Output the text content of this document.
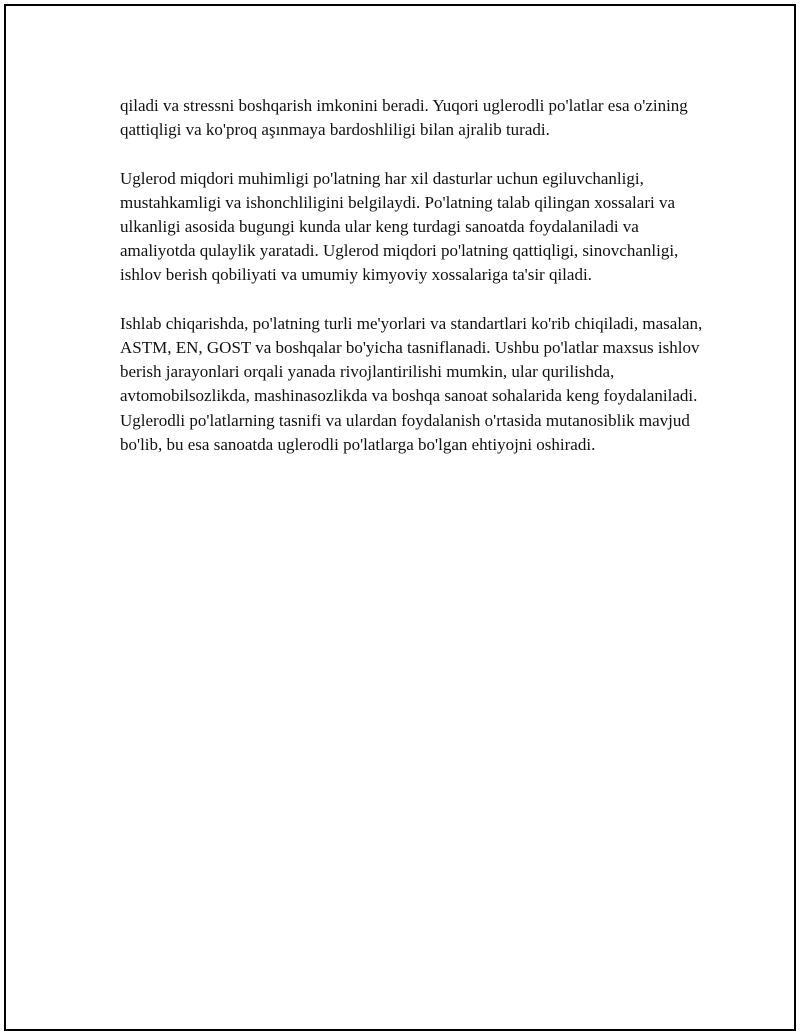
qiladi va stressni boshqarish imkonini beradi. Yuqori uglerodli po'latlar esa o'zining qattiqligi va ko'proq aşınmaya bardoshliligi bilan ajralib turadi.

Uglerod miqdori muhimligi po'latning har xil dasturlar uchun egiluvchanligi, mustahkamligi va ishonchliligini belgilaydi. Po'latning talab qilingan xossalari va ulkanligi asosida bugungi kunda ular keng turdagi sanoatda foydalaniladi va amaliyotda qulaylik yaratadi. Uglerod miqdori po'latning qattiqligi, sinovchanligi, ishlov berish qobiliyati va umumiy kimyoviy xossalariga ta'sir qiladi.

Ishlab chiqarishda, po'latning turli me'yorlari va standartlari ko'rib chiqiladi, masalan, ASTM, EN, GOST va boshqalar bo'yicha tasniflanadi. Ushbu po'latlar maxsus ishlov berish jarayonlari orqali yanada rivojlantirilishi mumkin, ular qurilishda, avtomobilsozlikda, mashinasozlikda va boshqa sanoat sohalarida keng foydalaniladi. Uglerodli po'latlarning tasnifi va ulardan foydalanish o'rtasida mutanosiblik mavjud bo'lib, bu esa sanoatda uglerodli po'latlarga bo'lgan ehtiyojni oshiradi.
